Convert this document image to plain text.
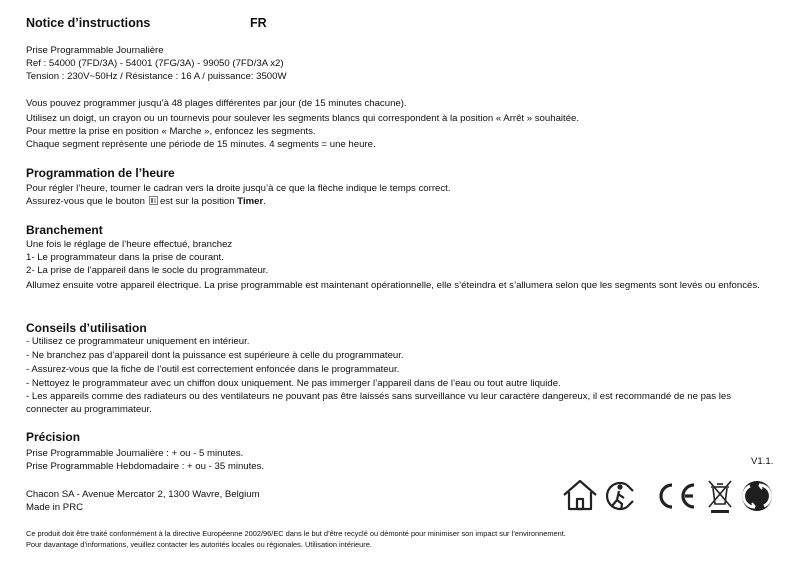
Notice d’instructions	FR
Prise Programmable Journalière
Ref : 54000 (7FD/3A) - 54001 (7FG/3A) - 99050 (7FD/3A x2)
Tension : 230V~50Hz / Résistance : 16 A / puissance: 3500W
Vous pouvez programmer jusqu’à 48 plages différentes par jour (de 15 minutes chacune).
Utilisez un doigt, un crayon ou un tournevis pour soulever les segments blancs qui correspondent à la position « Arrêt » souhaitée.
Pour mettre la prise en position « Marche », enfoncez les segments.
Chaque segment représente une période de 15 minutes. 4 segments = une heure.
Programmation de l’heure
Pour régler l’heure, tourner le cadran vers la droite jusqu’à ce que la flèche indique le temps correct.
Assurez-vous que le bouton est sur la position Timer.
Branchement
Une fois le réglage de l’heure effectué, branchez
1- Le programmateur dans la prise de courant.
2- La prise de l’appareil dans le socle du programmateur.
Allumez ensuite votre appareil électrique. La prise programmable est maintenant opérationnelle, elle s’éteindra et s’allumera selon que les segments sont levés ou enfoncés.
Conseils d’utilisation
- Utilisez ce programmateur uniquement en intérieur.
- Ne branchez pas d’appareil dont la puissance est supérieure à celle du programmateur.
- Assurez-vous que la fiche de l’outil est correctement enfoncée dans le programmateur.
- Nettoyez le programmateur avec un chiffon doux uniquement. Ne pas immerger l’appareil dans de l’eau ou tout autre liquide.
- Les appareils comme des radiateurs ou des ventilateurs ne pouvant pas être laissés sans surveillance vu leur caractère dangereux, il est recommandé de ne pas les connecter au programmateur.
Précision
Prise Programmable Journalière : + ou - 5 minutes.
Prise Programmable Hebdomadaire : + ou - 35 minutes.	V1.1.
Chacon SA - Avenue Mercator 2, 1300 Wavre, Belgium
Made in PRC
Ce produit doit être traité conformément à la directive Européenne 2002/96/EC dans le but d’être recyclé ou démonté pour minimiser son impact sur l’environnement.
Pour davantage d’informations, veuillez contacter les autorités locales ou régionales. Utilisation intérieure.
